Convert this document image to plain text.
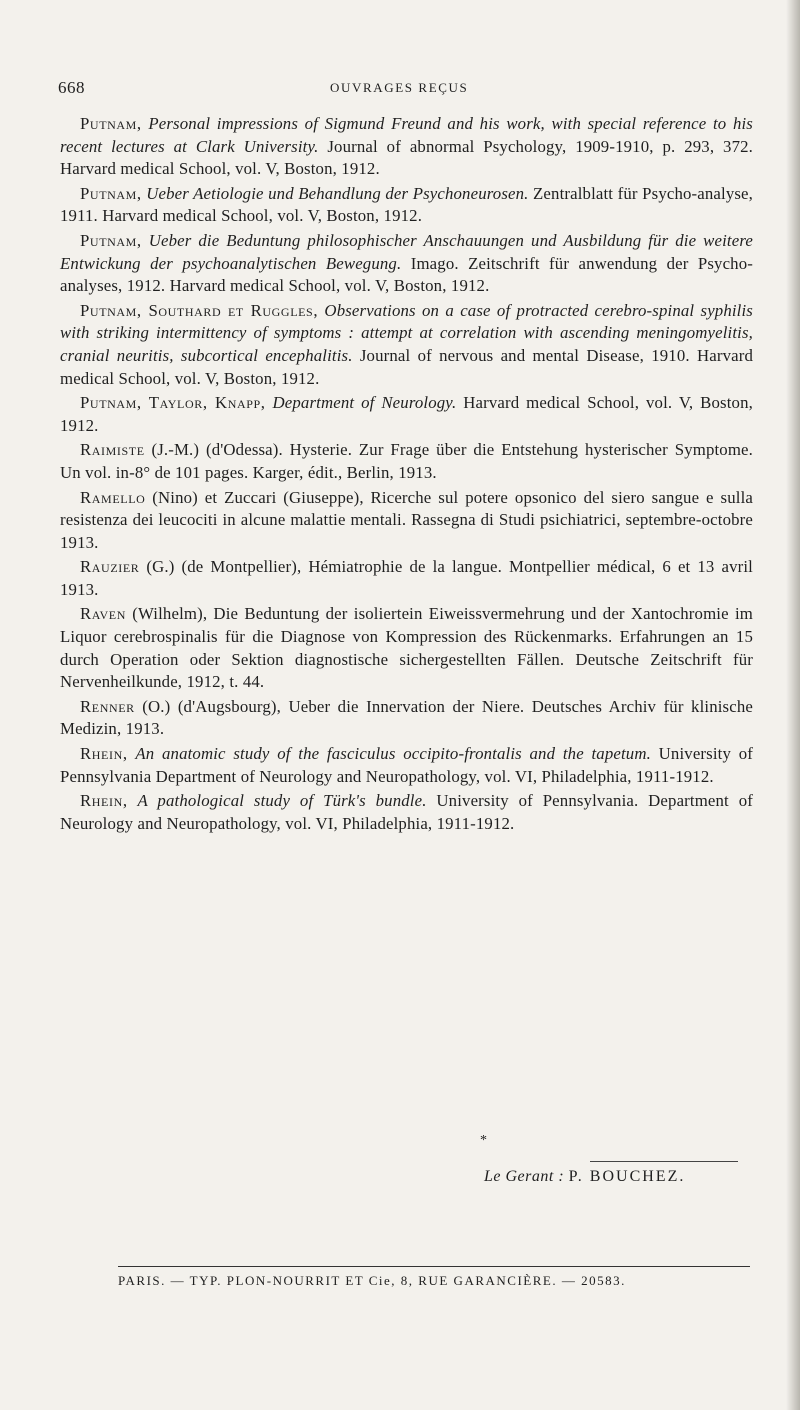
668	OUVRAGES REÇUS

Putnam, Personal impressions of Sigmund Freund and his work, with special reference to his recent lectures at Clark University. Journal of abnormal Psychology, 1909-1910, p. 293, 372. Harvard medical School, vol. V, Boston, 1912.

Putnam, Ueber Aetiologie und Behandlung der Psychoneurosen. Zentralblatt für Psycho-analyse, 1911. Harvard medical School, vol. V, Boston, 1912.

Putnam, Ueber die Beduntung philosophischer Anschauungen und Ausbildung für die weitere Entwickung der psychoanalytischen Bewegung. Imago. Zeitschrift für anwendung der Psycho-analyses, 1912. Harvard medical School, vol. V, Boston, 1912.

Putnam, Southard et Ruggles, Observations on a case of protracted cerebro-spinal syphilis with striking intermittency of symptoms : attempt at correlation with ascending meningomyelitis, cranial neuritis, subcortical encephalitis. Journal of nervous and mental Disease, 1910. Harvard medical School, vol. V, Boston, 1912.

Putnam, Taylor, Knapp, Department of Neurology. Harvard medical School, vol. V, Boston, 1912.

Raimiste (J.-M.) (d'Odessa). Hysterie. Zur Frage über die Entstehung hysterischer Symptome. Un vol. in-8° de 101 pages. Karger, édit., Berlin, 1913.

Ramello (Nino) et Zuccari (Giuseppe), Ricerche sul potere opsonico del siero sangue e sulla resistenza dei leucociti in alcune malattie mentali. Rassegna di Studi psichiatrici, septembre-octobre 1913.

Rauzier (G.) (de Montpellier), Hémiatrophie de la langue. Montpellier médical, 6 et 13 avril 1913.

Raven (Wilhelm), Die Beduntung der isoliertein Eiweissvermehrung und der Xantochromie im Liquor cerebrospinalis für die Diagnose von Kompression des Rückenmarks. Erfahrungen an 15 durch Operation oder Sektion diagnostische sichergestellten Fällen. Deutsche Zeitschrift für Nervenheilkunde, 1912, t. 44.

Renner (O.) (d'Augsbourg), Ueber die Innervation der Niere. Deutsches Archiv für klinische Medizin, 1913.

Rhein, An anatomic study of the fasciculus occipito-frontalis and the tapetum. University of Pennsylvania Department of Neurology and Neuropathology, vol. VI, Philadelphia, 1911-1912.

Rhein, A pathological study of Türk's bundle. University of Pennsylvania. Department of Neurology and Neuropathology, vol. VI, Philadelphia, 1911-1912.

*
Le Gerant : P. BOUCHEZ.
PARIS. — TYP. PLON-NOURRIT ET Cie, 8, RUE GARANCIÈRE. — 20583.
